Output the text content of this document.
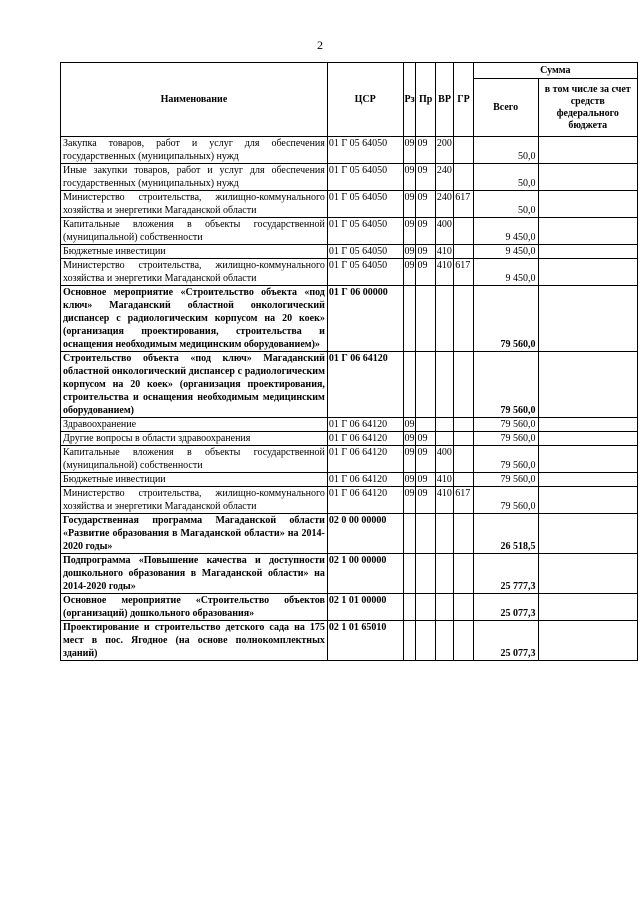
2
Наименование	ЦСР	Рз	Пр	ВР	ГР	Сумма	
						Всего	в том числе за счет средств федерального бюджета
Закупка товаров, работ и услуг для обеспечения государственных (муниципальных) нужд	01 Г 05 64050	09	09	200		50,0	
Иные закупки товаров, работ и услуг для обеспечения государственных (муниципальных) нужд	01 Г 05 64050	09	09	240		50,0	
Министерство строительства, жилищно-коммунального хозяйства и энергетики Магаданской области	01 Г 05 64050	09	09	240	617	50,0	
Капитальные вложения в объекты государственной (муниципальной) собственности	01 Г 05 64050	09	09	400		9 450,0	
Бюджетные инвестиции	01 Г 05 64050	09	09	410		9 450,0	
Министерство строительства, жилищно-коммунального хозяйства и энергетики Магаданской области	01 Г 05 64050	09	09	410	617	9 450,0	
Основное мероприятие «Строительство объекта «под ключ» Магаданский областной онкологический диспансер с радиологическим корпусом на 20 коек» (организация проектирования, строительства и оснащения необходимым медицинским оборудованием)»	01 Г 06 00000					79 560,0	
Строительство объекта «под ключ» Магаданский областной онкологический диспансер с радиологическим корпусом на 20 коек» (организация проектирования, строительства и оснащения необходимым медицинским оборудованием)	01 Г 06 64120					79 560,0	
Здравоохранение	01 Г 06 64120	09				79 560,0	
Другие вопросы в области здравоохранения	01 Г 06 64120	09	09			79 560,0	
Капитальные вложения в объекты государственной (муниципальной) собственности	01 Г 06 64120	09	09	400		79 560,0	
Бюджетные инвестиции	01 Г 06 64120	09	09	410		79 560,0	
Министерство строительства, жилищно-коммунального хозяйства и энергетики Магаданской области	01 Г 06 64120	09	09	410	617	79 560,0	
Государственная программа Магаданской области «Развитие образования в Магаданской области» на 2014-2020 годы»	02 0 00 00000					26 518,5	
Подпрограмма «Повышение качества и доступности дошкольного образования в Магаданской области» на 2014-2020 годы»	02 1 00 00000					25 777,3	
Основное мероприятие «Строительство объектов (организаций) дошкольного образования»	02 1 01 00000					25 077,3	
Проектирование и строительство детского сада на 175 мест в пос. Ягодное (на основе полнокомплектных зданий)	02 1 01 65010					25 077,3	
